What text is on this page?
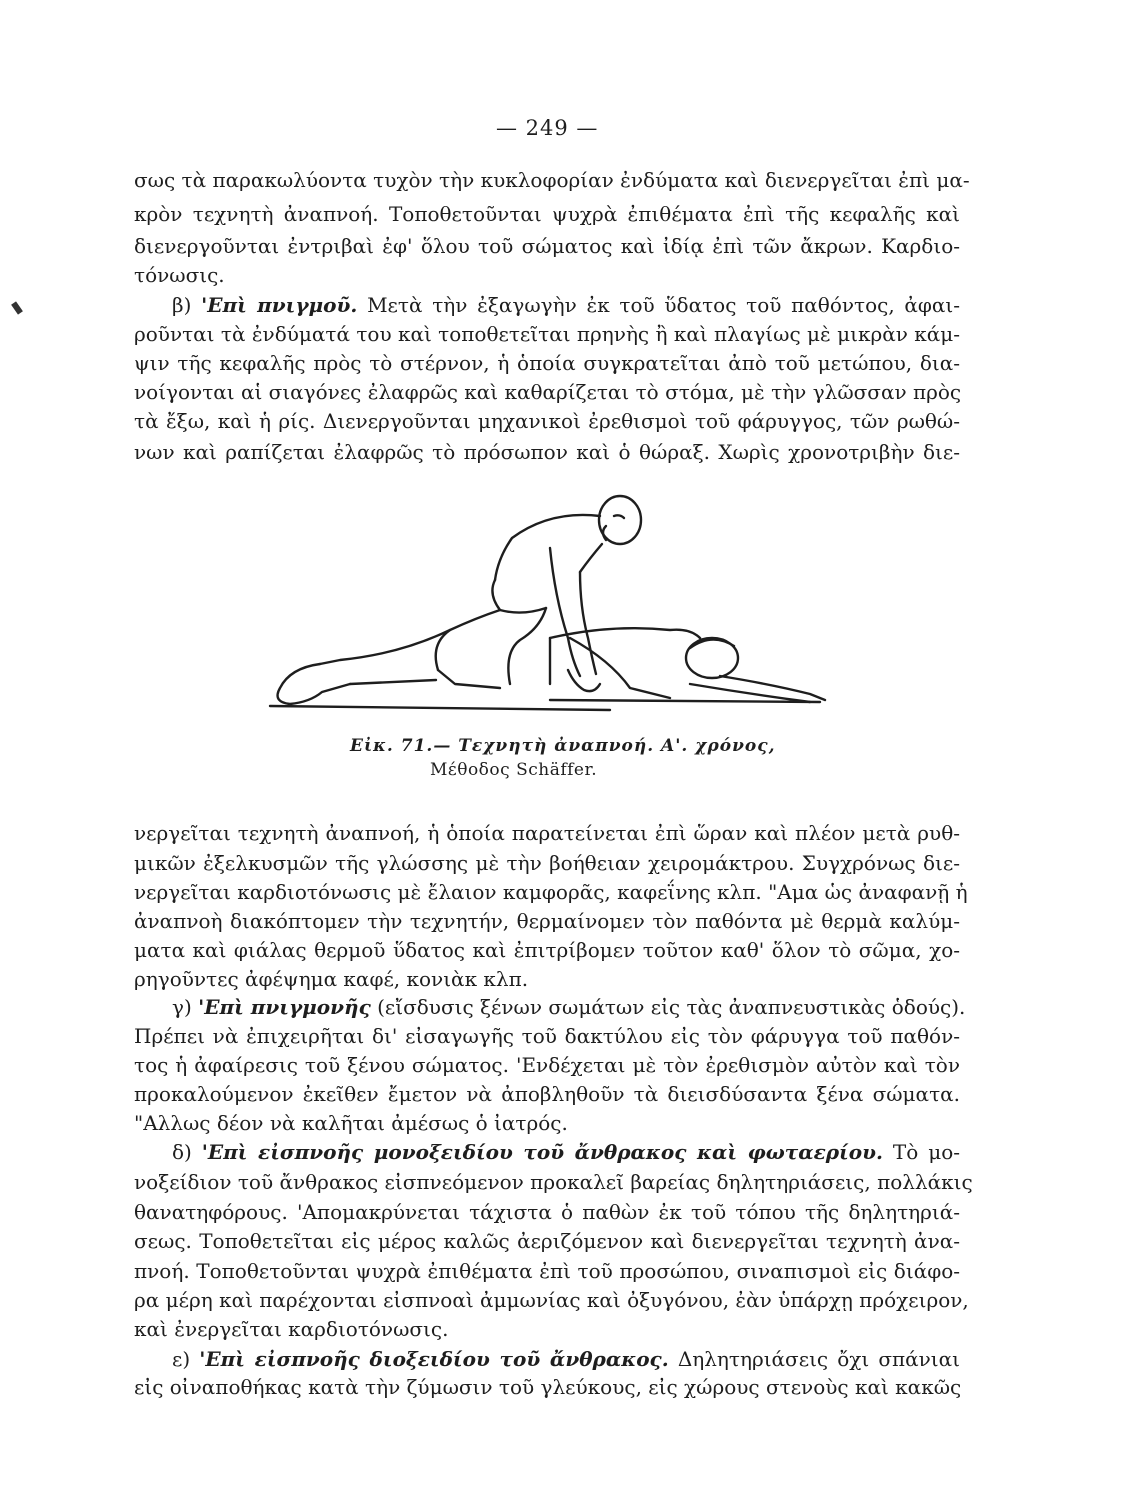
— 249 —
σως τὰ παρακωλύοντα τυχὸν τὴν κυκλοφορίαν ἐνδύματα καὶ διενεργεῖται ἐπὶ μα-
κρὸν τεχνητὴ ἀναπνοή. Τοποθετοῦνται ψυχρὰ ἐπιθέματα ἐπὶ τῆς κεφαλῆς καὶ
διενεργοῦνται ἐντριβαὶ ἐφ' ὅλου τοῦ σώματος καὶ ἰδίᾳ ἐπὶ τῶν ἄκρων. Καρδιο-
τόνωσις.
β) 'Επὶ πνιγμοῦ. Μετὰ τὴν ἐξαγωγὴν ἐκ τοῦ ὕδατος τοῦ παθόντος, ἀφαι-
ροῦνται τὰ ἐνδύματά του καὶ τοποθετεῖται πρηνὴς ἢ καὶ πλαγίως μὲ μικρὰν κάμ-
ψιν τῆς κεφαλῆς πρὸς τὸ στέρνον, ἡ ὁποία συγκρατεῖται ἀπὸ τοῦ μετώπου, δια-
νοίγονται αἱ σιαγόνες ἐλαφρῶς καὶ καθαρίζεται τὸ στόμα, μὲ τὴν γλῶσσαν πρὸς
τὰ ἔξω, καὶ ἡ ρίς. Διενεργοῦνται μηχανικοὶ ἐρεθισμοὶ τοῦ φάρυγγος, τῶν ρωθώ-
νων καὶ ραπίζεται ἐλαφρῶς τὸ πρόσωπον καὶ ὁ θώραξ. Χωρὶς χρονοτριβὴν διε-
Εἰκ. 71.— Τεχνητὴ ἀναπνοή. Α'. χρόνος,
Μέθοδος Schäffer.
νεργεῖται τεχνητὴ ἀναπνοή, ἡ ὁποία παρατείνεται ἐπὶ ὥραν καὶ πλέον μετὰ ρυθ-
μικῶν ἐξελκυσμῶν τῆς γλώσσης μὲ τὴν βοήθειαν χειρομάκτρου. Συγχρόνως διε-
νεργεῖται καρδιοτόνωσις μὲ ἔλαιον καμφορᾶς, καφεΐνης κλπ. "Αμα ὡς ἀναφανῇ ἡ
ἀναπνοὴ διακόπτομεν τὴν τεχνητήν, θερμαίνομεν τὸν παθόντα μὲ θερμὰ καλύμ-
ματα καὶ φιάλας θερμοῦ ὕδατος καὶ ἐπιτρίβομεν τοῦτον καθ' ὅλον τὸ σῶμα, χο-
ρηγοῦντες ἀφέψημα καφέ, κονιὰκ κλπ.
γ) 'Επὶ πνιγμονῆς (εἴσδυσις ξένων σωμάτων εἰς τὰς ἀναπνευστικὰς ὁδούς).
Πρέπει νὰ ἐπιχειρῆται δι' εἰσαγωγῆς τοῦ δακτύλου εἰς τὸν φάρυγγα τοῦ παθόν-
τος ἡ ἀφαίρεσις τοῦ ξένου σώματος. 'Ενδέχεται μὲ τὸν ἐρεθισμὸν αὐτὸν καὶ τὸν
προκαλούμενον ἐκεῖθεν ἔμετον νὰ ἀποβληθοῦν τὰ διεισδύσαντα ξένα σώματα.
"Αλλως δέον νὰ καλῆται ἀμέσως ὁ ἰατρός.
δ) 'Επὶ εἰσπνοῆς μονοξειδίου τοῦ ἄνθρακος καὶ φωταερίου. Τὸ μο-
νοξείδιον τοῦ ἄνθρακος εἰσπνεόμενον προκαλεῖ βαρείας δηλητηριάσεις, πολλάκις
θανατηφόρους. 'Απομακρύνεται τάχιστα ὁ παθὼν ἐκ τοῦ τόπου τῆς δηλητηριά-
σεως. Τοποθετεῖται εἰς μέρος καλῶς ἀεριζόμενον καὶ διενεργεῖται τεχνητὴ ἀνα-
πνοή. Τοποθετοῦνται ψυχρὰ ἐπιθέματα ἐπὶ τοῦ προσώπου, σιναπισμοὶ εἰς διάφο-
ρα μέρη καὶ παρέχονται εἰσπνοαὶ ἀμμωνίας καὶ ὀξυγόνου, ἐὰν ὑπάρχῃ πρόχειρον,
καὶ ἐνεργεῖται καρδιοτόνωσις.
ε) 'Επὶ εἰσπνοῆς διοξειδίου τοῦ ἄνθρακος. Δηλητηριάσεις ὄχι σπάνιαι
εἰς οἰναποθήκας κατὰ τὴν ζύμωσιν τοῦ γλεύκους, εἰς χώρους στενοὺς καὶ κακῶς
